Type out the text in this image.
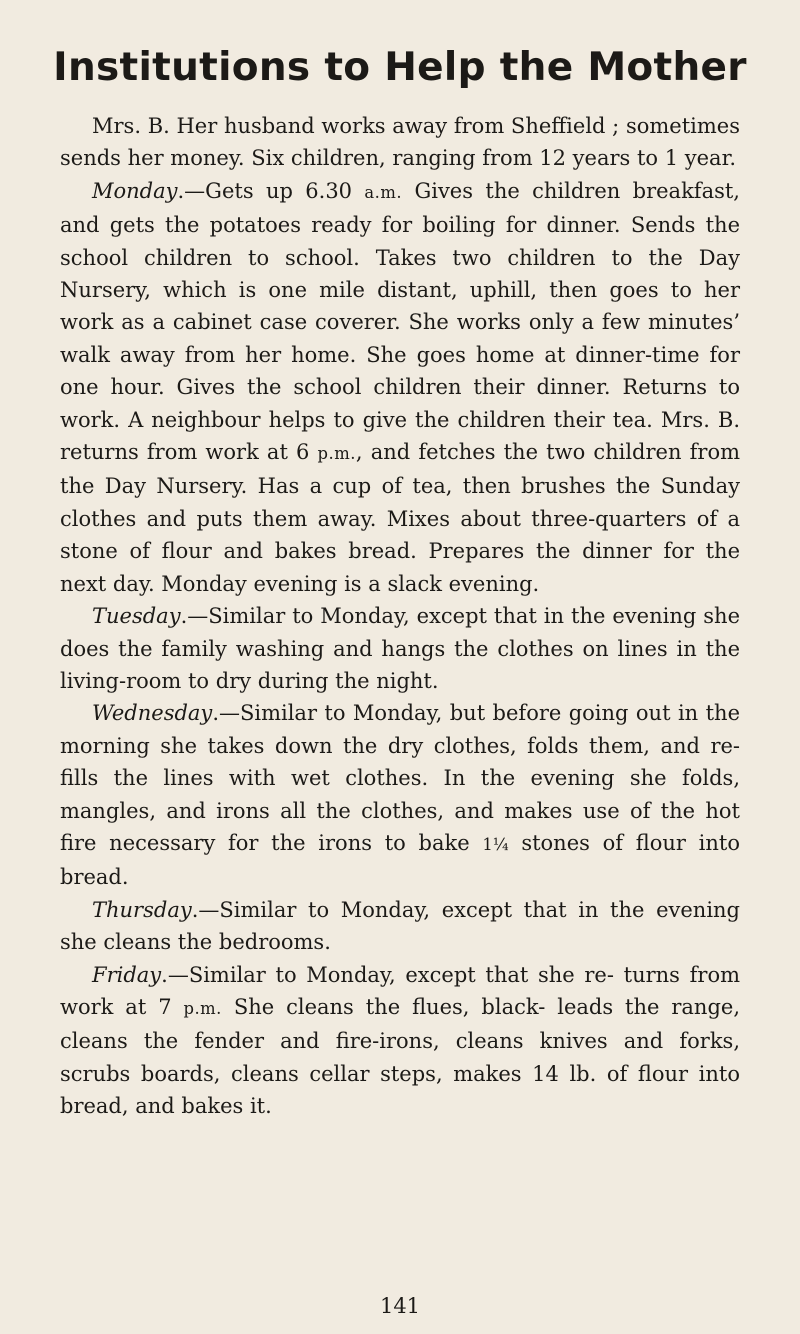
Institutions to Help the Mother

Mrs. B. Her husband works away from Sheffield ; sometimes sends her money. Six children, ranging from 12 years to 1 year.

Monday.—Gets up 6.30 a.m. Gives the children breakfast, and gets the potatoes ready for boiling for dinner. Sends the school children to school. Takes two children to the Day Nursery, which is one mile distant, uphill, then goes to her work as a cabinet case coverer. She works only a few minutes’ walk away from her home. She goes home at dinner-time for one hour. Gives the school children their dinner. Returns to work. A neighbour helps to give the children their tea. Mrs. B. returns from work at 6 p.m., and fetches the two children from the Day Nursery. Has a cup of tea, then brushes the Sunday clothes and puts them away. Mixes about three-quarters of a stone of flour and bakes bread. Prepares the dinner for the next day. Monday evening is a slack evening.

Tuesday.—Similar to Monday, except that in the evening she does the family washing and hangs the clothes on lines in the living-room to dry during the night.

Wednesday.—Similar to Monday, but before going out in the morning she takes down the dry clothes, folds them, and re-fills the lines with wet clothes. In the evening she folds, mangles, and irons all the clothes, and makes use of the hot fire necessary for the irons to bake 1¼ stones of flour into bread.

Thursday.—Similar to Monday, except that in the evening she cleans the bedrooms.

Friday.—Similar to Monday, except that she re- turns from work at 7 p.m. She cleans the flues, black- leads the range, cleans the fender and fire-irons, cleans knives and forks, scrubs boards, cleans cellar steps, makes 14 lb. of flour into bread, and bakes it.

141
